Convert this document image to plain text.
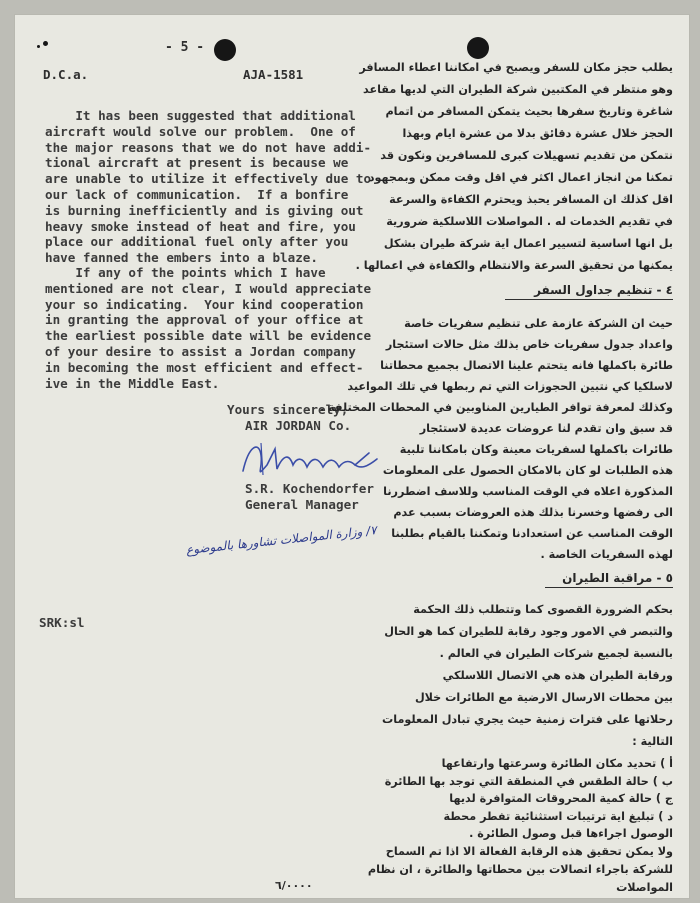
- 5 -
D.C.a.	AJA-1581
It has been suggested that additional
aircraft would solve our problem.  One of
the major reasons that we do not have addi-
tional aircraft at present is because we
are unable to utilize it effectively due to
our lack of communication.  If a bonfire
is burning inefficiently and is giving out
heavy smoke instead of heat and fire, you
place our additional fuel only after you
have fanned the embers into a blaze.
If any of the points which I have
mentioned are not clear, I would appreciate
your so indicating.  Your kind cooperation
in granting the approval of your office at
the earliest possible date will be evidence
of your desire to assist a Jordan company
in becoming the most efficient and effect-
ive in the Middle East.
Yours sincerely,
AIR JORDAN Co.
S.R. Kochendorfer
General Manager
٧/ وزارة المواصلات تشاورها بالموضوع
SRK:sl
يطلب حجز مكان للسفر ويصبح في امكاننا اعطاء المسافر
وهو منتظر في المكتبين شركة الطيران التي لديها مقاعد
شاغرة وتاريخ سفرها بحيث يتمكن المسافر من اتمام
الحجز خلال عشرة دقائق بدلا من عشرة ايام وبهذا
نتمكن من تقديم تسهيلات كبرى للمسافرين ونكون قد
تمكنا من انجاز اعمال اكثر في اقل وقت ممكن وبمجهود
اقل كذلك ان المسافر يحبذ ويحترم الكفاءة والسرعة
في تقديم الخدمات له . المواصلات اللاسلكية ضرورية
بل انها اساسية لتسيير اعمال اية شركة طيران بشكل
يمكنها من تحقيق السرعة والانتظام والكفاءة في اعمالها .
٤ - تنظيم جداول السفر
حيث ان الشركة عازمة على تنظيم سفريات خاصة
واعداد جدول سفريات خاص بذلك مثل حالات استئجار
طائرة باكملها فانه يتحتم علينا الاتصال بجميع محطاتنا
لاسلكيا كي نتبين الحجوزات التي تم ربطها في تلك المواعيد
وكذلك لمعرفة توافر الطيارين المناوبين في المحطات المختلفة .
قد سبق وان تقدم لنا عروضات عديدة لاستئجار
طائرات باكملها لسفريات معينة وكان بامكاننا تلبية
هذه الطلبات لو كان بالامكان الحصول على المعلومات
المذكورة اعلاه في الوقت المناسب وللاسف اضطررنا
الى رفضها وخسرنا بذلك هذه العروضات بسبب عدم
الوقت المناسب عن استعدادنا وتمكننا بالقيام بطلبنا
لهذه السفريات الخاصة .
٥ - مراقبة الطيران
بحكم الضرورة القصوى كما وتتطلب ذلك الحكمة
والتبصر في الامور وجود رقابة للطيران كما هو الحال
بالنسبة لجميع شركات الطيران في العالم .
ورقابة الطيران هذه هي الاتصال اللاسلكي
بين محطات الارسال الارضية مع الطائرات خلال
رحلاتها على فترات زمنية حيث يجري تبادل المعلومات
التالية :
أ ) تحديد مكان الطائرة وسرعتها وارتفاعها
ب ) حالة الطقس في المنطقة التي توجد بها الطائرة
ج ) حالة كمية المحروقات المتوافرة لديها
د ) تبليغ اية ترتيبات استثنائية تفطر محطة
الوصول اجراءها قبل وصول الطائرة .
ولا يمكن تحقيق هذه الرقابة الفعالة الا اذا تم السماح
للشركة باجراء اتصالات بين محطاتها والطائرة ، ان نظام
المواصلات
٦/٠٠٠٠
